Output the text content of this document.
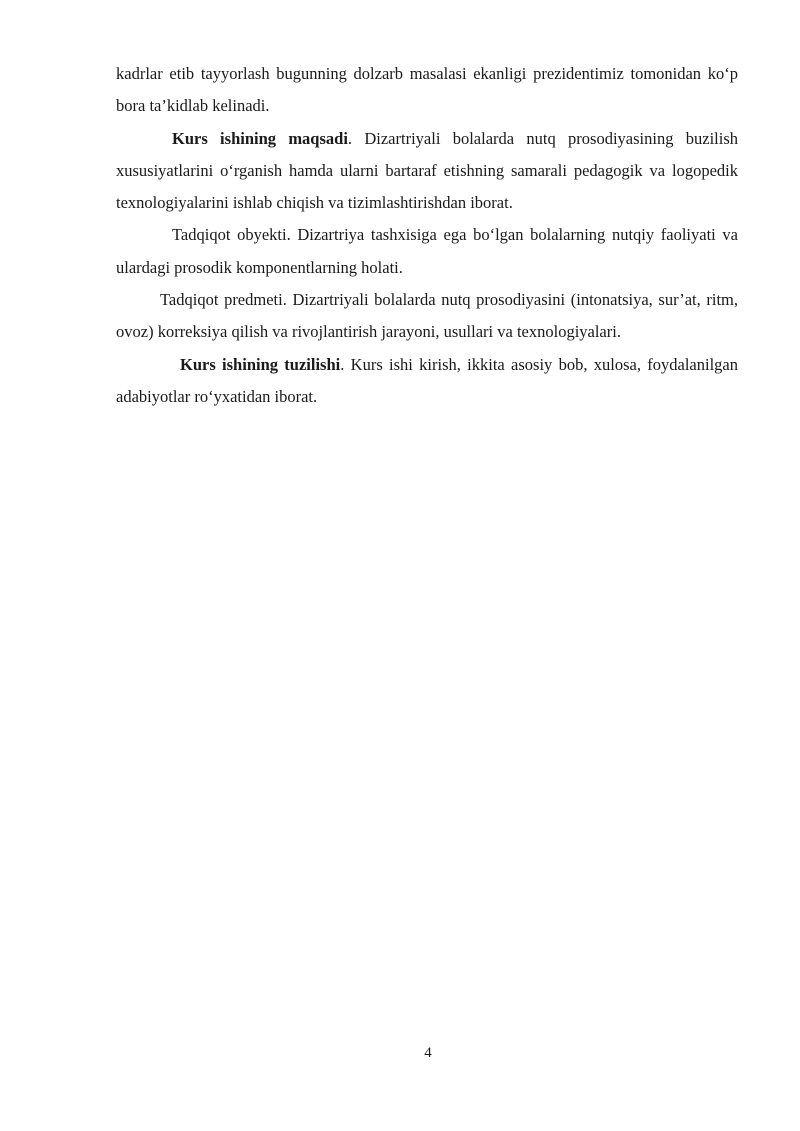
kadrlar etib tayyorlash bugunning dolzarb masalasi ekanligi prezidentimiz tomonidan ko‘p bora ta’kidlab kelinadi.

Kurs ishining maqsadi. Dizartriyali bolalarda nutq prosodiyasining buzilish xususiyatlarini o‘rganish hamda ularni bartaraf etishning samarali pedagogik va logopedik texnologiyalarini ishlab chiqish va tizimlashtirishdan iborat.

Tadqiqot obyekti. Dizartriya tashxisiga ega bo‘lgan bolalarning nutqiy faoliyati va ulardagi prosodik komponentlarning holati.

Tadqiqot predmeti. Dizartriyali bolalarda nutq prosodiyasini (intonatsiya, sur’at, ritm, ovoz) korreksiya qilish va rivojlantirish jarayoni, usullari va texnologiyalari.

Kurs ishining tuzilishi. Kurs ishi kirish, ikkita asosiy bob, xulosa, foydalanilgan adabiyotlar ro‘yxatidan iborat.

4
